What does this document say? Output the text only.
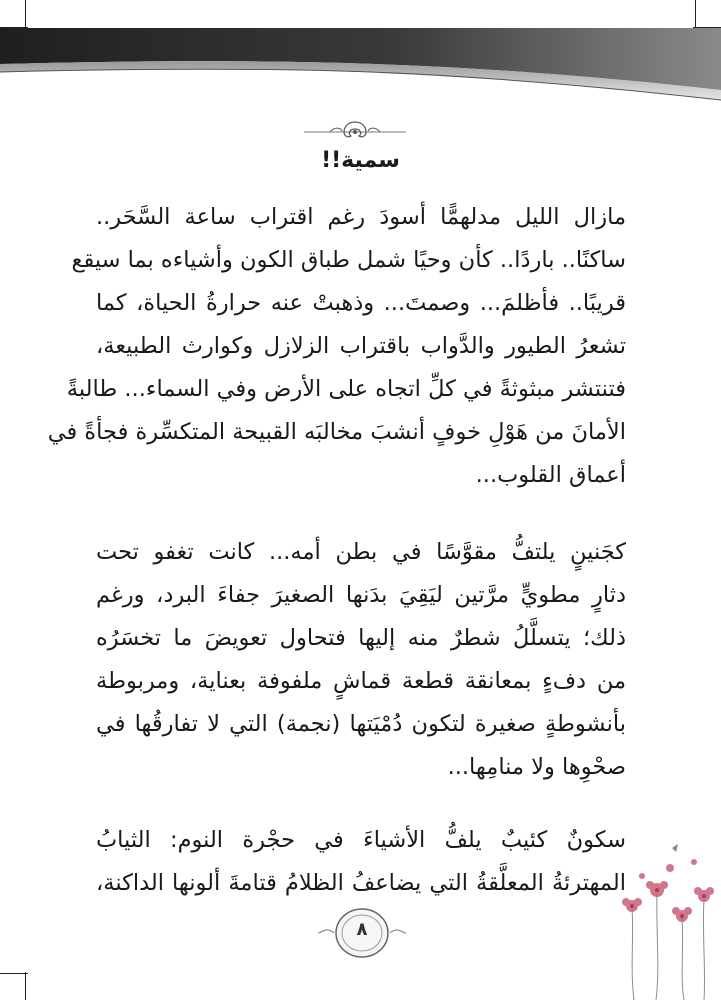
سمية!!
مازال الليل مدلهمًّا أسودَ رغم اقتراب ساعة السَّحَر..
ساكنًا.. باردًا.. كأن وحيًا شمل طباق الكون وأشياءه بما سيقع
قريبًا.. فأظلمَ... وصمتَ... وذهبتْ عنه حرارةُ الحياة، كما
تشعرُ الطيور والدَّواب باقتراب الزلازل وكوارث الطبيعة،
فتنتشر مبثوثةً في كلِّ اتجاه على الأرض وفي السماء... طالبةً
الأمانَ من هَوْلِ خوفٍ أنشبَ مخالبَه القبيحة المتكسِّرة فجأةً في
أعماق القلوب...
كجَنينٍ يلتفُّ مقوَّسًا في بطن أمه... كانت تغفو تحت
دثارٍ مطويٍّ مرَّتين ليَقِيَ بدَنها الصغيرَ جفاءَ البرد، ورغم
ذلك؛ يتسلَّلُ شطرٌ منه إليها فتحاول تعويضَ ما تخسَرُه
من دفءٍ بمعانقة قطعة قماشٍ ملفوفة بعناية، ومربوطة
بأنشوطةٍ صغيرة لتكون دُمْيَتها (نجمة) التي لا تفارقُها في
صحْوِها ولا منامِها...
سكونٌ كئيبٌ يلفُّ الأشياءَ في حجْرة النوم: الثيابُ
المهترئةُ المعلَّقةُ التي يضاعفُ الظلامُ قتامةَ ألونها الداكنة،
٨
